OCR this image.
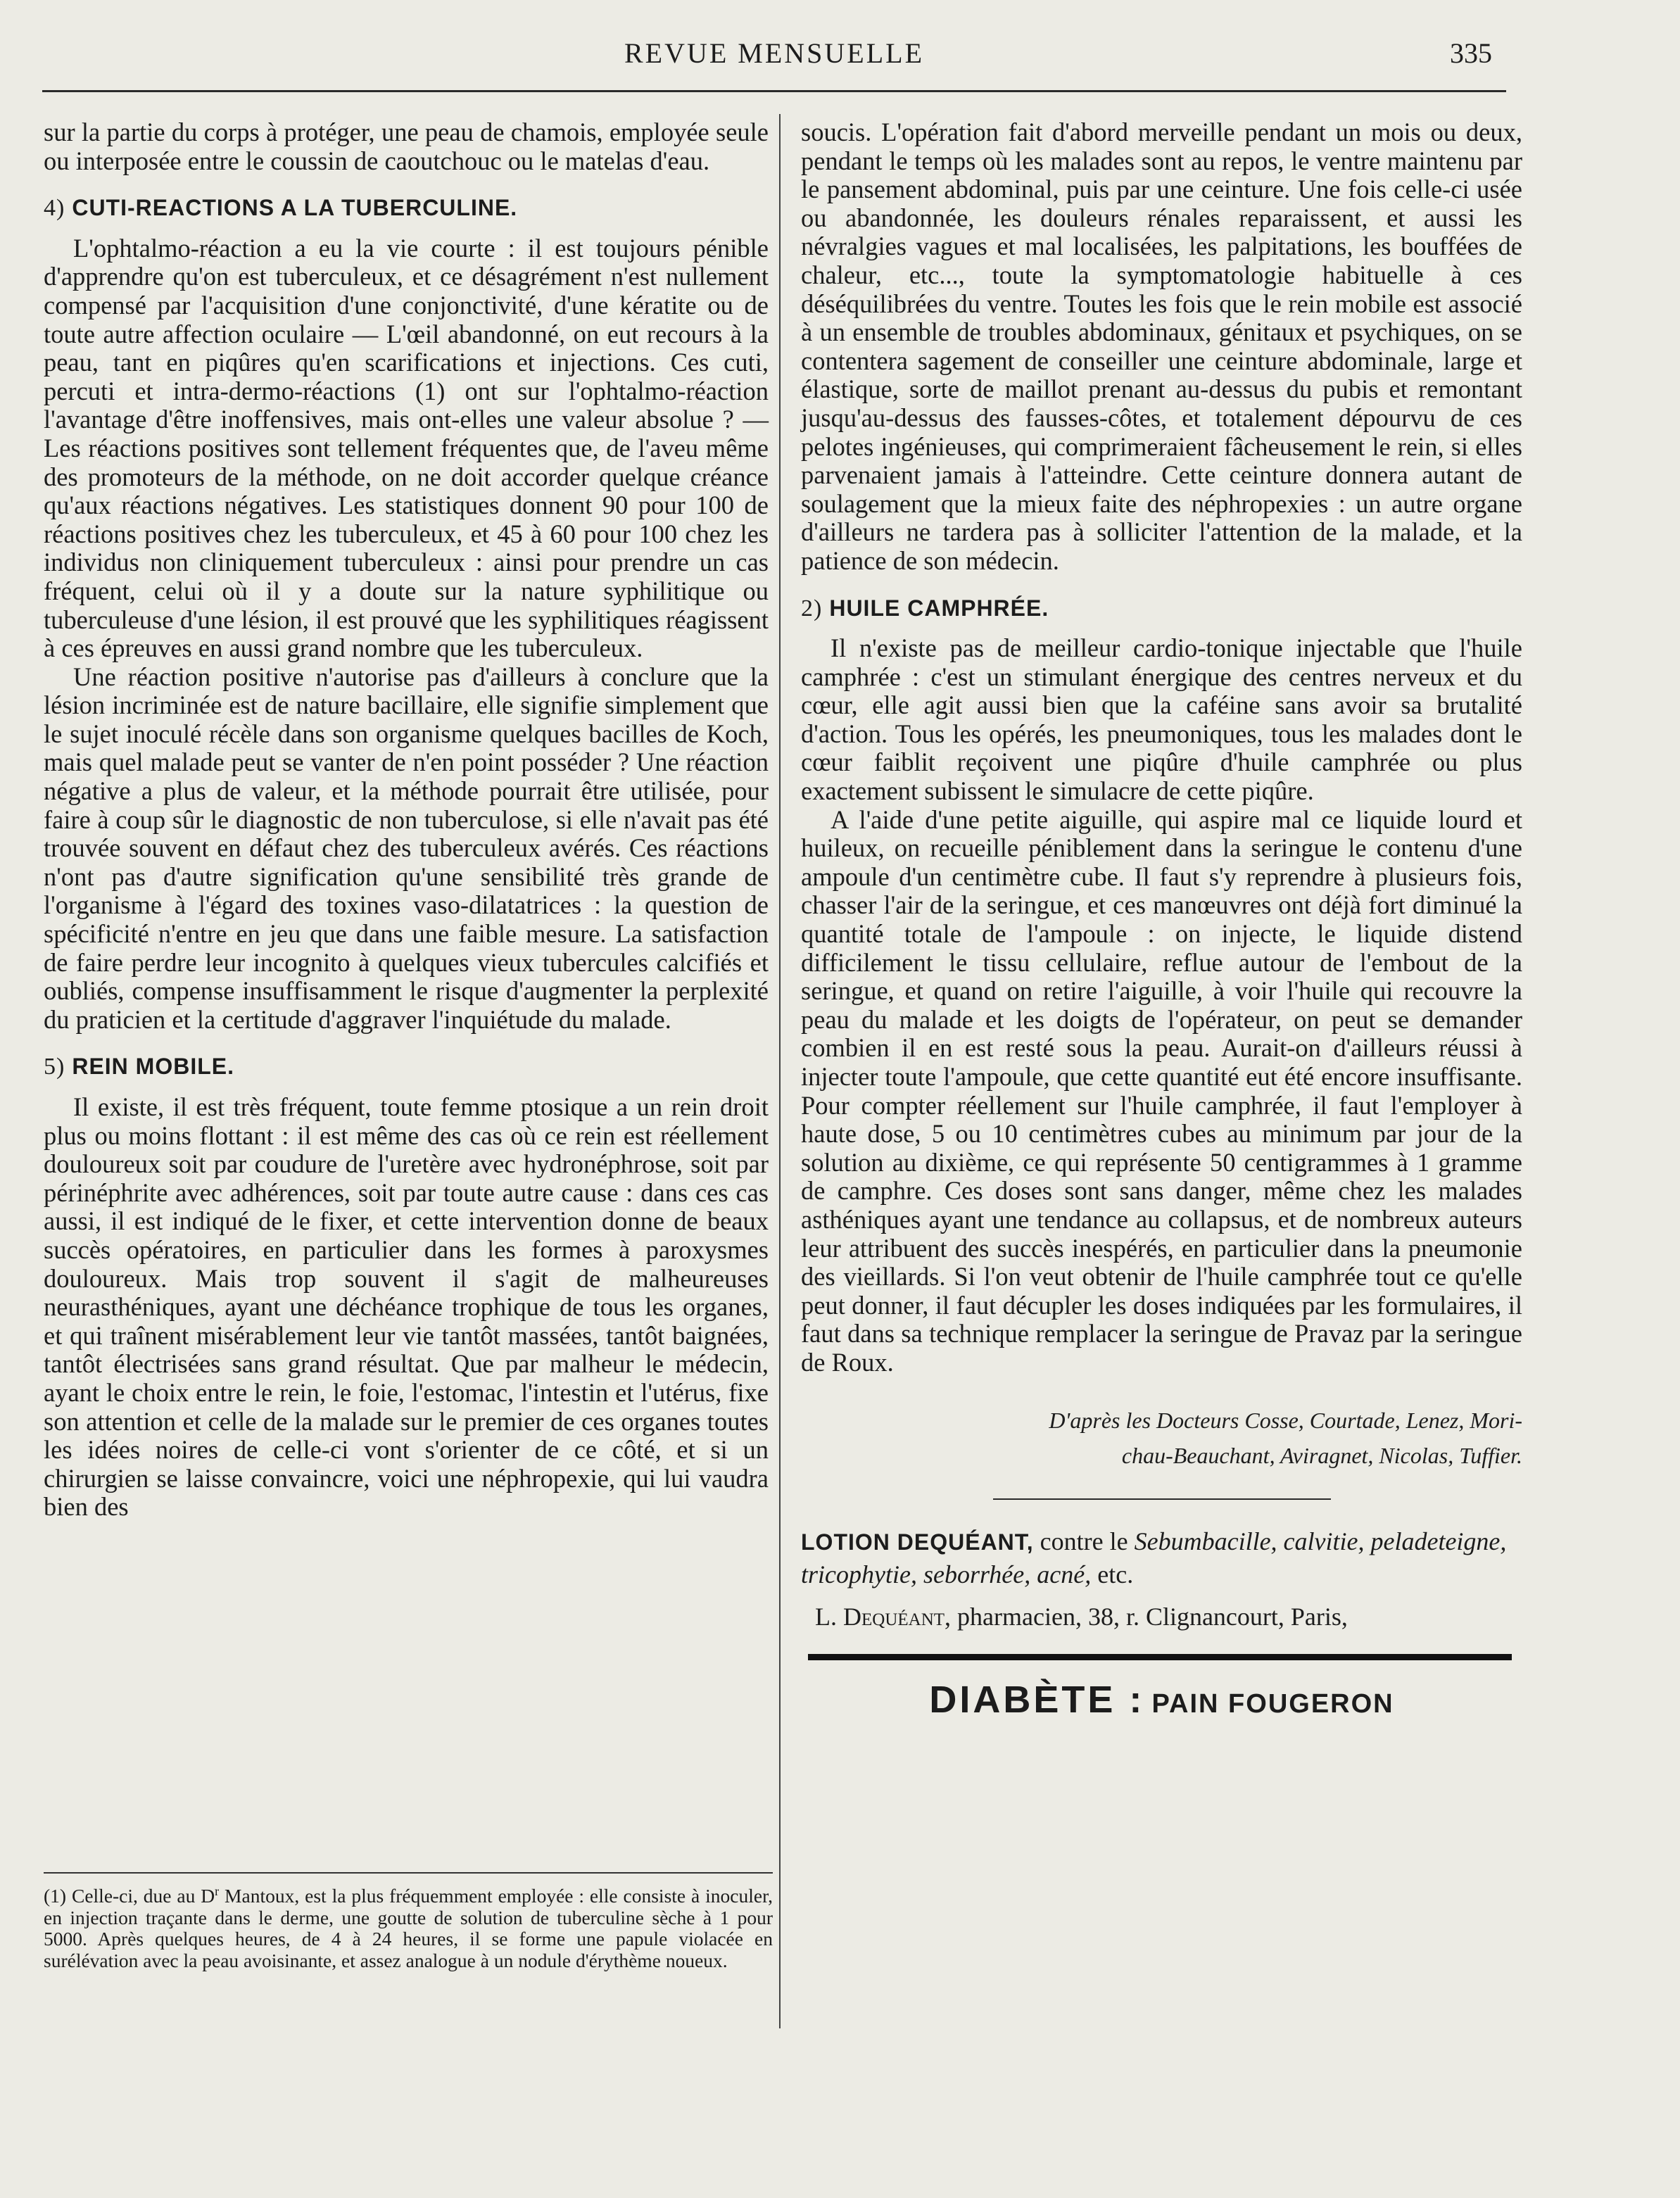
REVUE MENSUELLE	335

sur la partie du corps à protéger, une peau de chamois, employée seule ou interposée entre le coussin de caoutchouc ou le matelas d'eau.

4) CUTI-REACTIONS A LA TUBERCULINE.

L'ophtalmo-réaction a eu la vie courte : il est toujours pénible d'apprendre qu'on est tuberculeux, et ce désagrément n'est nullement compensé par l'acquisition d'une conjonctivité, d'une kératite ou de toute autre affection oculaire — L'œil abandonné, on eut recours à la peau, tant en piqûres qu'en scarifications et injections. Ces cuti, percuti et intra-dermo-réactions (1) ont sur l'ophtalmo-réaction l'avantage d'être inoffensives, mais ont-elles une valeur absolue ? — Les réactions positives sont tellement fréquentes que, de l'aveu même des promoteurs de la méthode, on ne doit accorder quelque créance qu'aux réactions négatives. Les statistiques donnent 90 pour 100 de réactions positives chez les tuberculeux, et 45 à 60 pour 100 chez les individus non cliniquement tuberculeux : ainsi pour prendre un cas fréquent, celui où il y a doute sur la nature syphilitique ou tuberculeuse d'une lésion, il est prouvé que les syphilitiques réagissent à ces épreuves en aussi grand nombre que les tuberculeux.

Une réaction positive n'autorise pas d'ailleurs à conclure que la lésion incriminée est de nature bacillaire, elle signifie simplement que le sujet inoculé récèle dans son organisme quelques bacilles de Koch, mais quel malade peut se vanter de n'en point posséder ? Une réaction négative a plus de valeur, et la méthode pourrait être utilisée, pour faire à coup sûr le diagnostic de non tuberculose, si elle n'avait pas été trouvée souvent en défaut chez des tuberculeux avérés. Ces réactions n'ont pas d'autre signification qu'une sensibilité très grande de l'organisme à l'égard des toxines vaso-dilatatrices : la question de spécificité n'entre en jeu que dans une faible mesure. La satisfaction de faire perdre leur incognito à quelques vieux tubercules calcifiés et oubliés, compense insuffisamment le risque d'augmenter la perplexité du praticien et la certitude d'aggraver l'inquiétude du malade.

5) REIN MOBILE.

Il existe, il est très fréquent, toute femme ptosique a un rein droit plus ou moins flottant : il est même des cas où ce rein est réellement douloureux soit par coudure de l'uretère avec hydronéphrose, soit par périnéphrite avec adhérences, soit par toute autre cause : dans ces cas aussi, il est indiqué de le fixer, et cette intervention donne de beaux succès opératoires, en particulier dans les formes à paroxysmes douloureux. Mais trop souvent il s'agit de malheureuses neurasthéniques, ayant une déchéance trophique de tous les organes, et qui traînent misérablement leur vie tantôt massées, tantôt baignées, tantôt électrisées sans grand résultat. Que par malheur le médecin, ayant le choix entre le rein, le foie, l'estomac, l'intestin et l'utérus, fixe son attention et celle de la malade sur le premier de ces organes toutes les idées noires de celle-ci vont s'orienter de ce côté, et si un chirurgien se laisse convaincre, voici une néphropexie, qui lui vaudra bien des

(1) Celle-ci, due au $D^r$ Mantoux, est la plus fréquemment employée : elle consiste à inoculer, en injection traçante dans le derme, une goutte de solution de tuberculine sèche à 1 pour 5000. Après quelques heures, de 4 à 24 heures, il se forme une papule violacée en surélévation avec la peau avoisinante, et assez analogue à un nodule d'érythème noueux.

soucis. L'opération fait d'abord merveille pendant un mois ou deux, pendant le temps où les malades sont au repos, le ventre maintenu par le pansement abdominal, puis par une ceinture. Une fois celle-ci usée ou abandonnée, les douleurs rénales reparaissent, et aussi les névralgies vagues et mal localisées, les palpitations, les bouffées de chaleur, etc..., toute la symptomatologie habituelle à ces déséquilibrées du ventre. Toutes les fois que le rein mobile est associé à un ensemble de troubles abdominaux, génitaux et psychiques, on se contentera sagement de conseiller une ceinture abdominale, large et élastique, sorte de maillot prenant au-dessus du pubis et remontant jusqu'au-dessus des fausses-côtes, et totalement dépourvu de ces pelotes ingénieuses, qui comprimeraient fâcheusement le rein, si elles parvenaient jamais à l'atteindre. Cette ceinture donnera autant de soulagement que la mieux faite des néphropexies : un autre organe d'ailleurs ne tardera pas à solliciter l'attention de la malade, et la patience de son médecin.

2) HUILE CAMPHRÉE.

Il n'existe pas de meilleur cardio-tonique injectable que l'huile camphrée : c'est un stimulant énergique des centres nerveux et du cœur, elle agit aussi bien que la caféine sans avoir sa brutalité d'action. Tous les opérés, les pneumoniques, tous les malades dont le cœur faiblit reçoivent une piqûre d'huile camphrée ou plus exactement subissent le simulacre de cette piqûre.

A l'aide d'une petite aiguille, qui aspire mal ce liquide lourd et huileux, on recueille péniblement dans la seringue le contenu d'une ampoule d'un centimètre cube. Il faut s'y reprendre à plusieurs fois, chasser l'air de la seringue, et ces manœuvres ont déjà fort diminué la quantité totale de l'ampoule : on injecte, le liquide distend difficilement le tissu cellulaire, reflue autour de l'embout de la seringue, et quand on retire l'aiguille, à voir l'huile qui recouvre la peau du malade et les doigts de l'opérateur, on peut se demander combien il en est resté sous la peau. Aurait-on d'ailleurs réussi à injecter toute l'ampoule, que cette quantité eut été encore insuffisante. Pour compter réellement sur l'huile camphrée, il faut l'employer à haute dose, 5 ou 10 centimètres cubes au minimum par jour de la solution au dixième, ce qui représente 50 centigrammes à 1 gramme de camphre. Ces doses sont sans danger, même chez les malades asthéniques ayant une tendance au collapsus, et de nombreux auteurs leur attribuent des succès inespérés, en particulier dans la pneumonie des vieillards. Si l'on veut obtenir de l'huile camphrée tout ce qu'elle peut donner, il faut décupler les doses indiquées par les formulaires, il faut dans sa technique remplacer la seringue de Pravaz par la seringue de Roux.

D'après les Docteurs Cosse, Courtade, Lenez, Mori-
chau-Beauchant, Aviragnet, Nicolas, Tuffier.
LOTION DEQUÉANT, contre le Sebumbacille, calvitie, peladeteigne, tricophytie, seborrhée, acné, etc.
L. Dequéant, pharmacien, 38, r. Clignancourt, Paris,
DIABÈTE : PAIN FOUGERON
